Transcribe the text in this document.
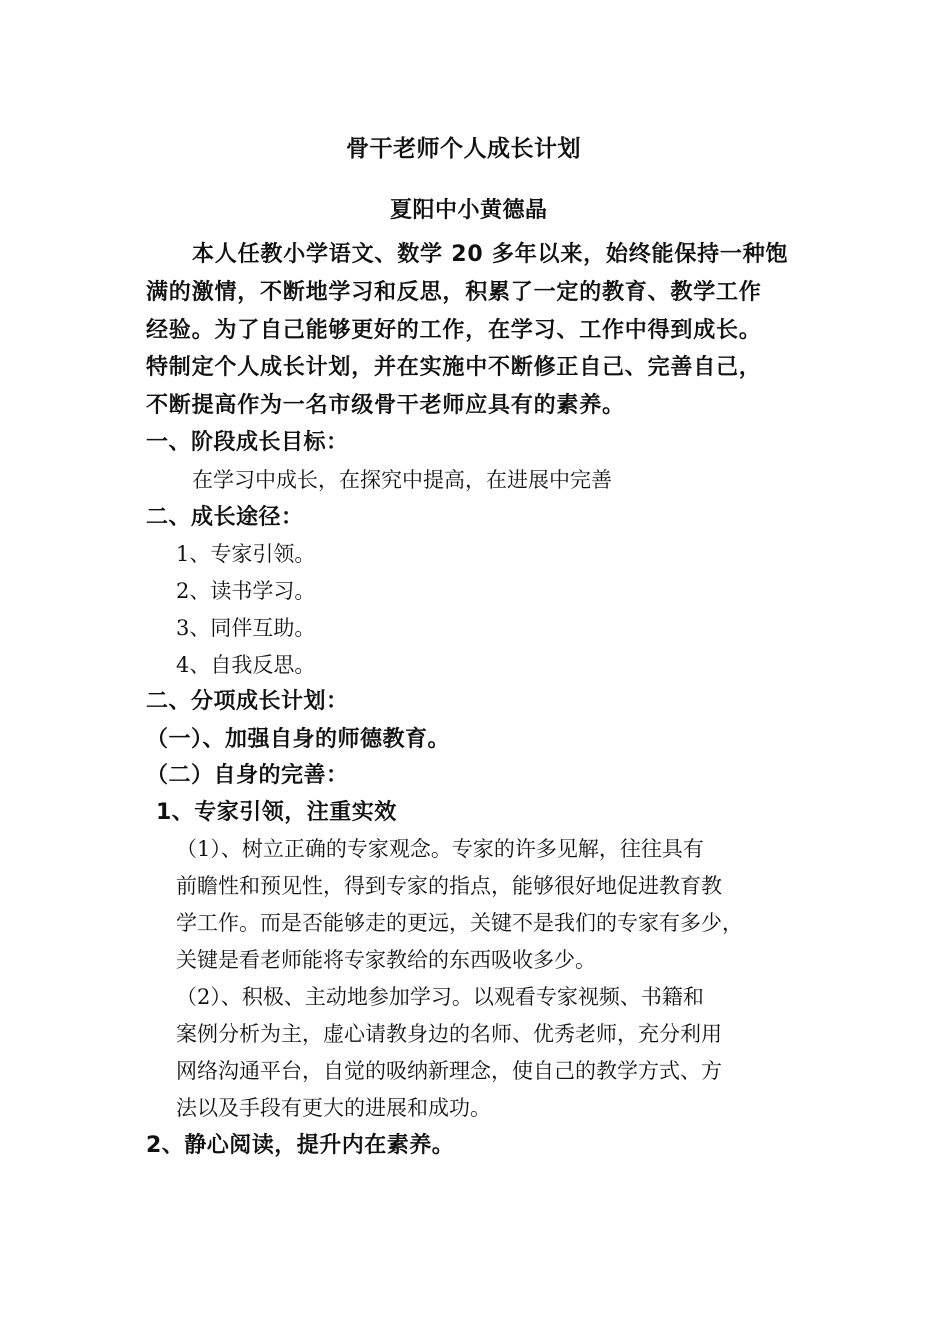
骨干老师个人成长计划
夏阳中小黄德晶
本人任教小学语文、数学 20 多年以来，始终能保持一种饱
满的激情，不断地学习和反思，积累了一定的教育、教学工作
经验。为了自己能够更好的工作，在学习、工作中得到成长。
特制定个人成长计划，并在实施中不断修正自己、完善自己，
不断提高作为一名市级骨干老师应具有的素养。
一、阶段成长目标：
在学习中成长，在探究中提高，在进展中完善
二、成长途径：
1、专家引领。
2、读书学习。
3、同伴互助。
4、自我反思。
二、分项成长计划：
（一）、加强自身的师德教育。
（二）自身的完善：
1、专家引领，注重实效
（1）、树立正确的专家观念。专家的许多见解，往往具有
前瞻性和预见性，得到专家的指点，能够很好地促进教育教
学工作。而是否能够走的更远，关键不是我们的专家有多少，
关键是看老师能将专家教给的东西吸收多少。
（2）、积极、主动地参加学习。以观看专家视频、书籍和
案例分析为主，虚心请教身边的名师、优秀老师，充分利用
网络沟通平台，自觉的吸纳新理念，使自己的教学方式、方
法以及手段有更大的进展和成功。
2、静心阅读，提升内在素养。
